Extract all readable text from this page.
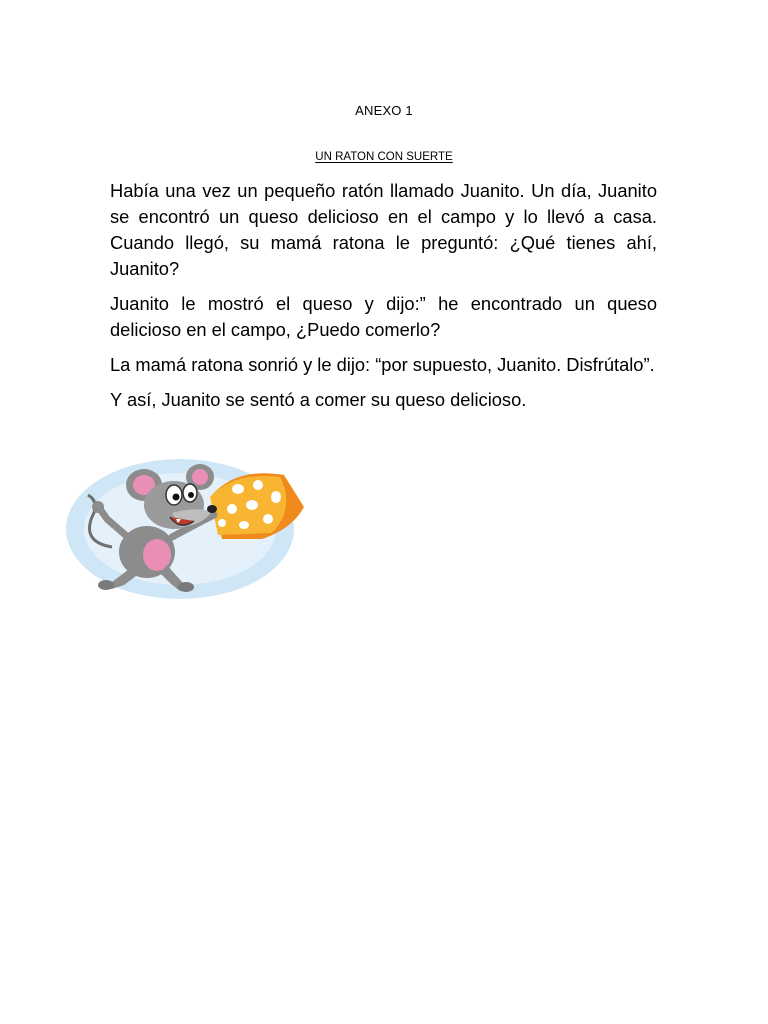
ANEXO 1
UN RATON CON SUERTE

Había una vez un pequeño ratón llamado Juanito. Un día, Juanito se encontró un queso delicioso en el campo y lo llevó a casa. Cuando llegó, su mamá ratona le preguntó: ¿Qué tienes ahí, Juanito?

Juanito le mostró el queso y dijo:” he encontrado un queso delicioso en el campo, ¿Puedo comerlo?

La mamá ratona sonrió y le dijo: “por supuesto, Juanito. Disfrútalo”.

Y así, Juanito se sentó a comer su queso delicioso.
